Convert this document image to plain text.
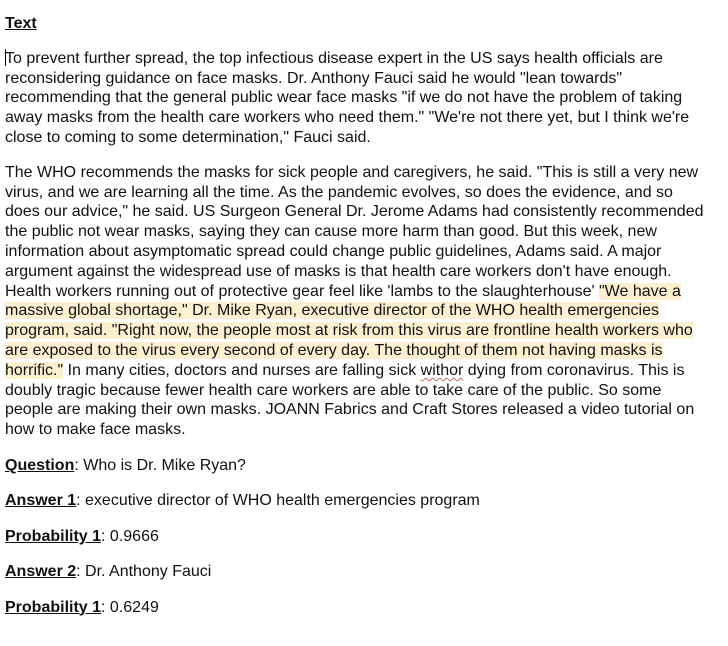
Text

To prevent further spread, the top infectious disease expert in the US says health officials are reconsidering guidance on face masks. Dr. Anthony Fauci said he would "lean towards" recommending that the general public wear face masks "if we do not have the problem of taking away masks from the health care workers who need them." "We're not there yet, but I think we're close to coming to some determination," Fauci said.

The WHO recommends the masks for sick people and caregivers, he said. "This is still a very new virus, and we are learning all the time. As the pandemic evolves, so does the evidence, and so does our advice," he said. US Surgeon General Dr. Jerome Adams had consistently recommended the public not wear masks, saying they can cause more harm than good. But this week, new information about asymptomatic spread could change public guidelines, Adams said. A major argument against the widespread use of masks is that health care workers don't have enough. Health workers running out of protective gear feel like 'lambs to the slaughterhouse' "We have a massive global shortage," Dr. Mike Ryan, executive director of the WHO health emergencies program, said. "Right now, the people most at risk from this virus are frontline health workers who are exposed to the virus every second of every day. The thought of them not having masks is horrific." In many cities, doctors and nurses are falling sick withor dying from coronavirus. This is doubly tragic because fewer health care workers are able to take care of the public. So some people are making their own masks. JOANN Fabrics and Craft Stores released a video tutorial on how to make face masks.

Question: Who is Dr. Mike Ryan?

Answer 1: executive director of WHO health emergencies program

Probability 1: 0.9666

Answer 2: Dr. Anthony Fauci

Probability 1: 0.6249
